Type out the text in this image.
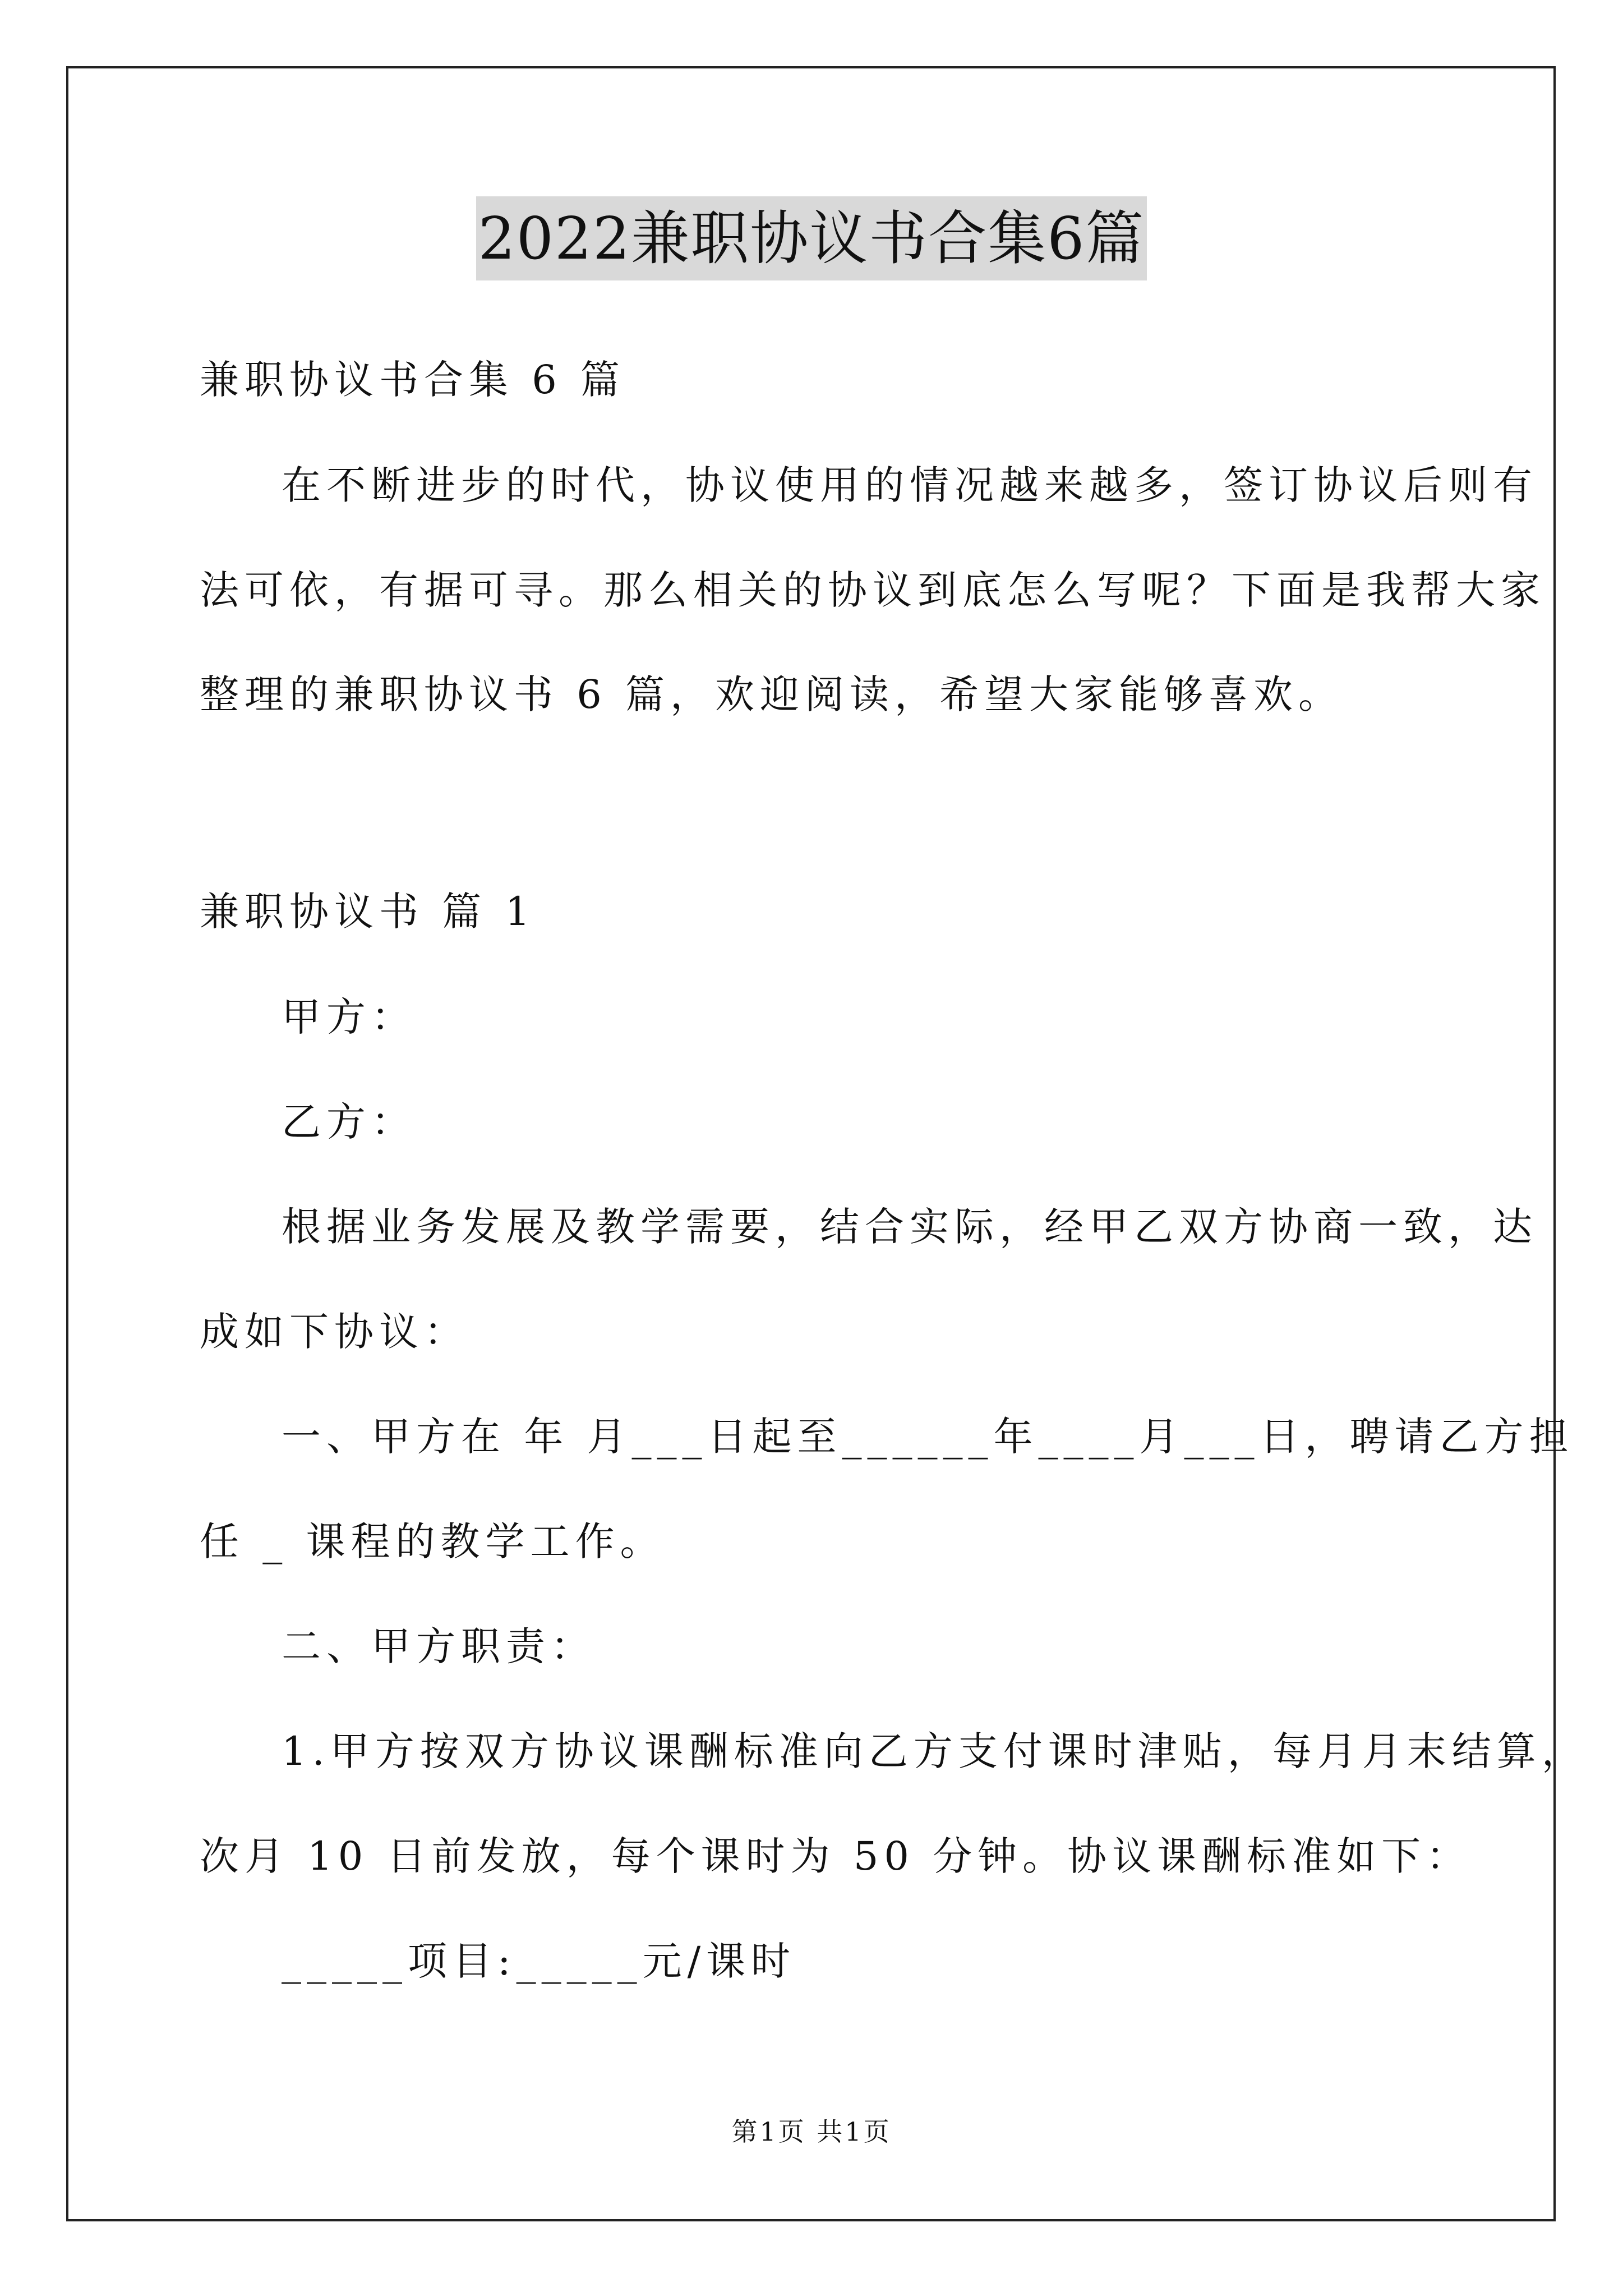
2022兼职协议书合集6篇
兼职协议书合集 6 篇
在不断进步的时代，协议使用的情况越来越多，签订协议后则有
法可依，有据可寻。那么相关的协议到底怎么写呢？下面是我帮大家
整理的兼职协议书 6 篇，欢迎阅读，希望大家能够喜欢。
兼职协议书 篇 1
甲方：
乙方：
根据业务发展及教学需要，结合实际，经甲乙双方协商一致，达
成如下协议：
一、甲方在 年 月___日起至______年____月___日，聘请乙方担
任 _ 课程的教学工作。
二、甲方职责：
1.甲方按双方协议课酬标准向乙方支付课时津贴，每月月末结算，
次月 10 日前发放，每个课时为 50 分钟。协议课酬标准如下：
_____项目:_____元/课时
第1页 共1页
